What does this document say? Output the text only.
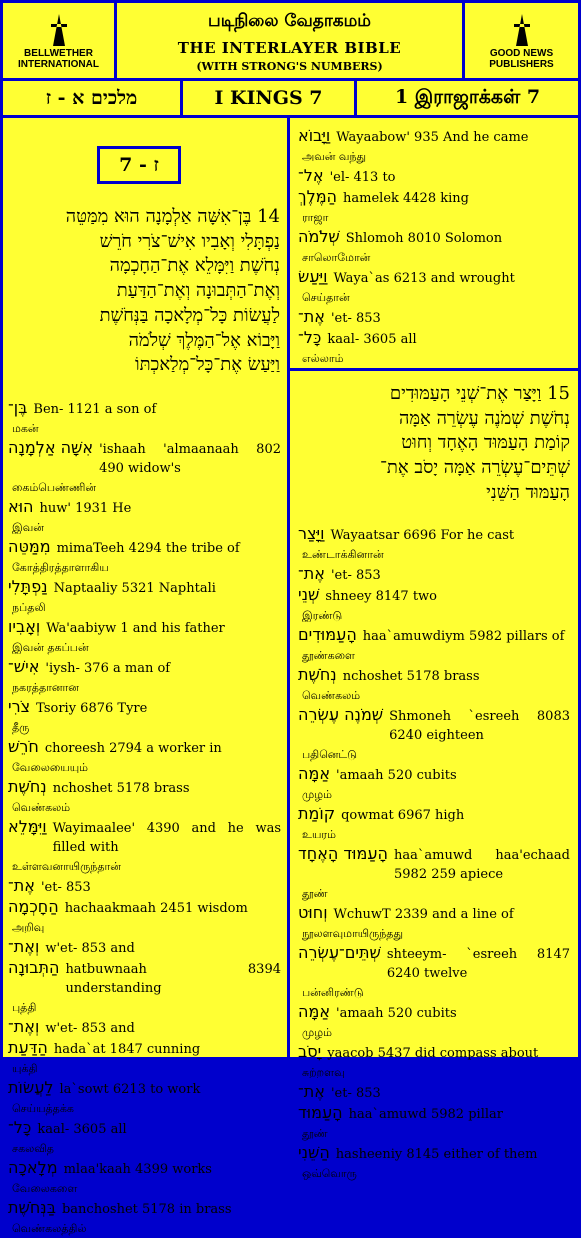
BELLWETHER INTERNATIONAL
படிநிலை வேதாகமம்
THE INTERLAYER BIBLE
(WITH STRONG'S NUMBERS)
GOOD NEWS PUBLISHERS
מלכים א - ז	I KINGS 7	1 இராஜாக்கள் 7
ז - 7
14 בֶּן־אִשָּׁה אַלְמָנָה הוּא מִמַּטֵּה
נַפְתָּלִי וְאָבִיו אִישׁ־צֹרִי חֹרֵשׁ
נְחֹשֶׁת וַיִּמָּלֵא אֶת־הַחָכְמָה
וְאֶת־הַתְּבוּנָה וְאֶת־הַדַּעַת
לַעֲשׂוֹת כָּל־מְלָאכָה בַּנְּחֹשֶׁת
וַיָּבוֹא אֶל־הַמֶּלֶךְ שְׁלֹמֹה
וַיַּעַשׂ אֶת־כָּל־מְלַאכְתּוֹ
בֶּן־ Ben- 1121 a son of
மகன்
אִשָּׁה אַלְמָנָה 'ishaah 'almaanaah 802 490 widow's
கைம்பெண்ணின்
הוּא huw' 1931 He
இவன்
מִמַּטֵּה mimaTeeh 4294 the tribe of
கோத்திரத்தாளாகிய
נַפְתָּלִי Naptaaliy 5321 Naphtali
நப்தலி
וְאָבִיו Wa'aabiyw 1 and his father
இவன் தகப்பன்
אִישׁ־ 'iysh- 376 a man of
நகரத்தானான
צֹרִי Tsoriy 6876 Tyre
தீரு
חֹרֵשׁ choreesh 2794 a worker in
வேலையையும்
נְחֹשֶׁת nchoshet 5178 brass
வெண்கலம்
וַיִּמָּלֵא Wayimaalee' 4390 and he was filled with
உள்ளவனாயிருந்தான்
אֶת־ 'et- 853
הַחָכְמָה hachaakmaah 2451 wisdom
அறிவு
וְאֶת־ w'et- 853 and
הַתְּבוּנָה hatbuwnaah 8394 understanding
புத்தி
וְאֶת־ w'et- 853 and
הַדַּעַת hada`at 1847 cunning
யுக்தி
לַעֲשׂוֹת la`sowt 6213 to work
செய்யத்தக்க
כָּל־ kaal- 3605 all
சகலவித
מְלָאכָה mlaa'kaah 4399 works
வேலைகளை
בַּנְּחֹשֶׁת banchoshet 5178 in brass
வெண்கலத்தில்
וַיָּבוֹא Wayaabow' 935 And he came
அவன் வந்து
אֶל־ 'el- 413 to
הַמֶּלֶךְ hamelek 4428 king
ராஜா
שְׁלֹמֹה Shlomoh 8010 Solomon
சாலொமோன்
וַיַּעַשׂ Waya`as 6213 and wrought
செய்தான்
אֶת־ 'et- 853
כָּל־ kaal- 3605 all
எல்லாம்
15 וַיָּצַר אֶת־שְׁנֵי הָעַמּוּדִים
נְחֹשֶׁת שְׁמֹנֶה עֶשְׂרֵה אַמָּה
קוֹמַת הָעַמּוּד הָאֶחָד וְחוּט
שְׁתֵּים־עֶשְׂרֵה אַמָּה יָסֹב אֶת־
הָעַמּוּד הַשֵּׁנִי
וַיָּצַר Wayaatsar 6696 For he cast
உண்டாக்கினான்
אֶת־ 'et- 853
שְׁנֵי shneey 8147 two
இரண்டு
הָעַמּוּדִים haa`amuwdiym 5982 pillars of
தூண்களை
נְחֹשֶׁת nchoshet 5178 brass
வெண்கலம்
שְׁמֹנֶה עֶשְׂרֵה Shmoneh `esreeh 8083 6240 eighteen
பதினெட்டு
אַמָּה 'amaah 520 cubits
முழம்
קוֹמַת qowmat 6967 high
உயரம்
הָעַמּוּד הָאֶחָד haa`amuwd haa'echaad 5982 259 apiece
தூண்
וְחוּט WchuwT 2339 and a line of
நூலளவுமாயிருந்தது
שְׁתֵּים־עֶשְׂרֵה shteeym- `esreeh 8147 6240 twelve
பன்னிரண்டு
אַמָּה 'amaah 520 cubits
முழம்
יָסֹב yaacob 5437 did compass about
சுற்றளவு
אֶת־ 'et- 853
הָעַמּוּד haa`amuwd 5982 pillar
தூண்
הַשֵּׁנִי hasheeniy 8145 either of them
ஒவ்வொரு
